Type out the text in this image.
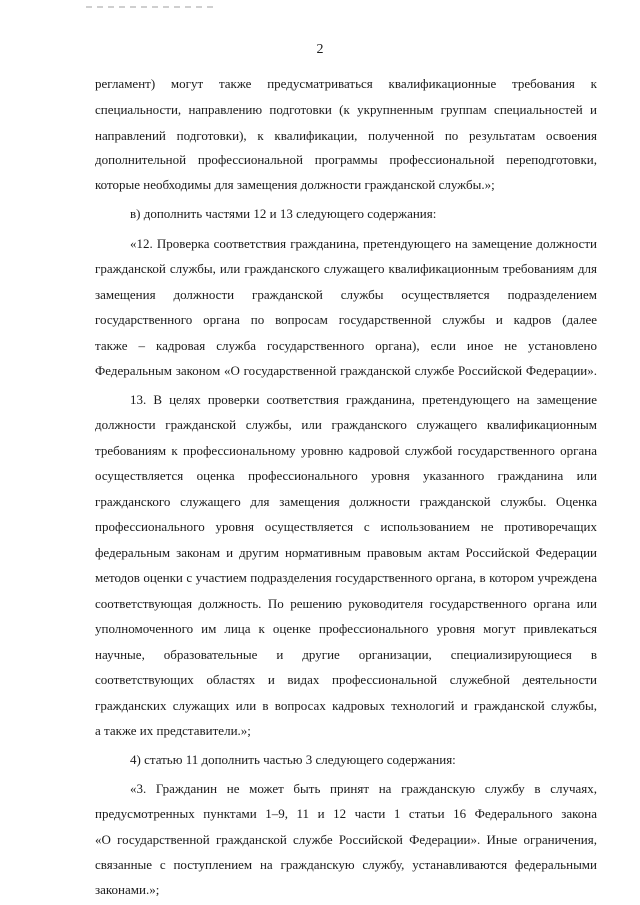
2
регламент) могут также предусматриваться квалификационные требования к
специальности, направлению подготовки (к укрупненным группам специальностей и
направлений подготовки), к квалификации, полученной по результатам освоения
дополнительной профессиональной программы профессиональной переподготовки,
которые необходимы для замещения должности гражданской службы.»;
в) дополнить частями 12 и 13 следующего содержания:
«12. Проверка соответствия гражданина, претендующего на замещение должности
гражданской службы, или гражданского служащего квалификационным требованиям для
замещения должности гражданской службы осуществляется подразделением
государственного органа по вопросам государственной службы и кадров (далее
также – кадровая служба государственного органа), если иное не установлено
Федеральным законом «О государственной гражданской службе Российской Федерации».
13. В целях проверки соответствия гражданина, претендующего на замещение
должности гражданской службы, или гражданского служащего квалификационным
требованиям к профессиональному уровню кадровой службой государственного органа
осуществляется оценка профессионального уровня указанного гражданина или
гражданского служащего для замещения должности гражданской службы. Оценка
профессионального уровня осуществляется с использованием не противоречащих
федеральным законам и другим нормативным правовым актам Российской Федерации
методов оценки с участием подразделения государственного органа, в котором учреждена
соответствующая должность. По решению руководителя государственного органа или
уполномоченного им лица к оценке профессионального уровня могут привлекаться
научные, образовательные и другие организации, специализирующиеся в
соответствующих областях и видах профессиональной служебной деятельности
гражданских служащих или в вопросах кадровых технологий и гражданской службы,
а также их представители.»;
4) статью 11 дополнить частью 3 следующего содержания:
«3. Гражданин не может быть принят на гражданскую службу в случаях,
предусмотренных пунктами 1–9, 11 и 12 части 1 статьи 16 Федерального закона
«О государственной гражданской службе Российской Федерации». Иные ограничения,
связанные с поступлением на гражданскую службу, устанавливаются федеральными
законами.»;
